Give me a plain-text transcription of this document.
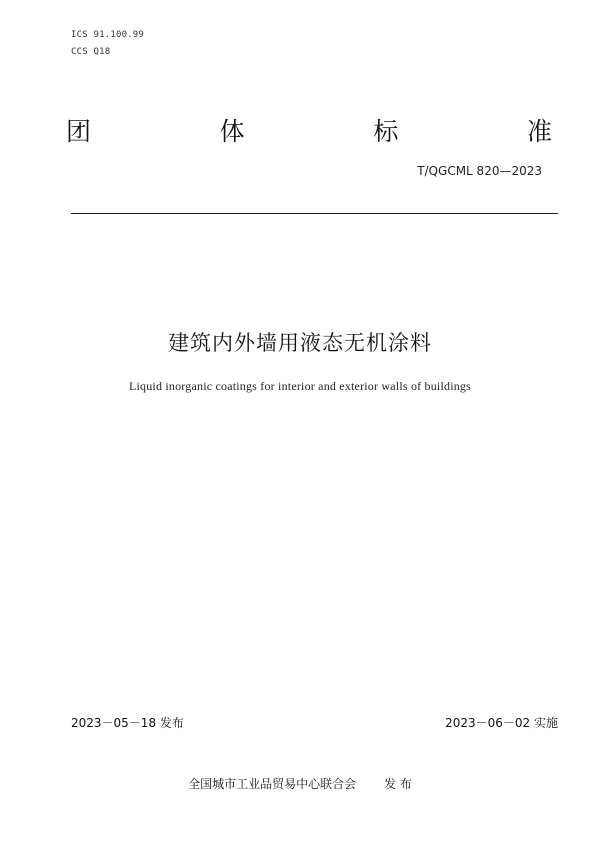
ICS 91.100.99
CCS Q18
团	体	标	准
T/QGCML 820—2023
建筑内外墙用液态无机涂料
Liquid inorganic coatings for interior and exterior walls of buildings
2023－05－18 发布	2023－06－02 实施
全国城市工业品贸易中心联合会 发 布
